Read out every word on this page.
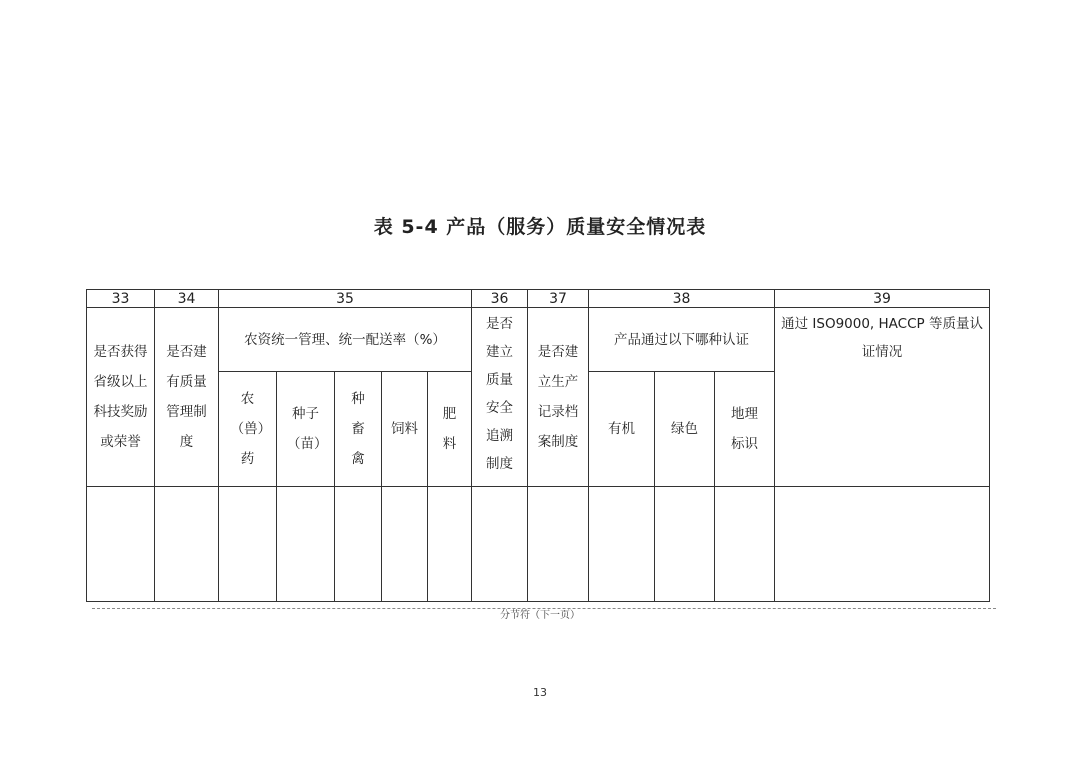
表 5-4 产品（服务）质量安全情况表
33	34	35					36	37	38			39
是否获得省级以上科技奖励或荣誉	是否建有质量管理制度	农资统一管理、统一配送率（%）					是否建立质量安全追溯制度	是否建立生产记录档案制度	产品通过以下哪种认证			通过 ISO9000, HACCP 等质量认证情况
		农（兽）药	种子（苗）	种畜禽	饲料	肥料			有机	绿色	地理标识	

分节符（下一页）
13
